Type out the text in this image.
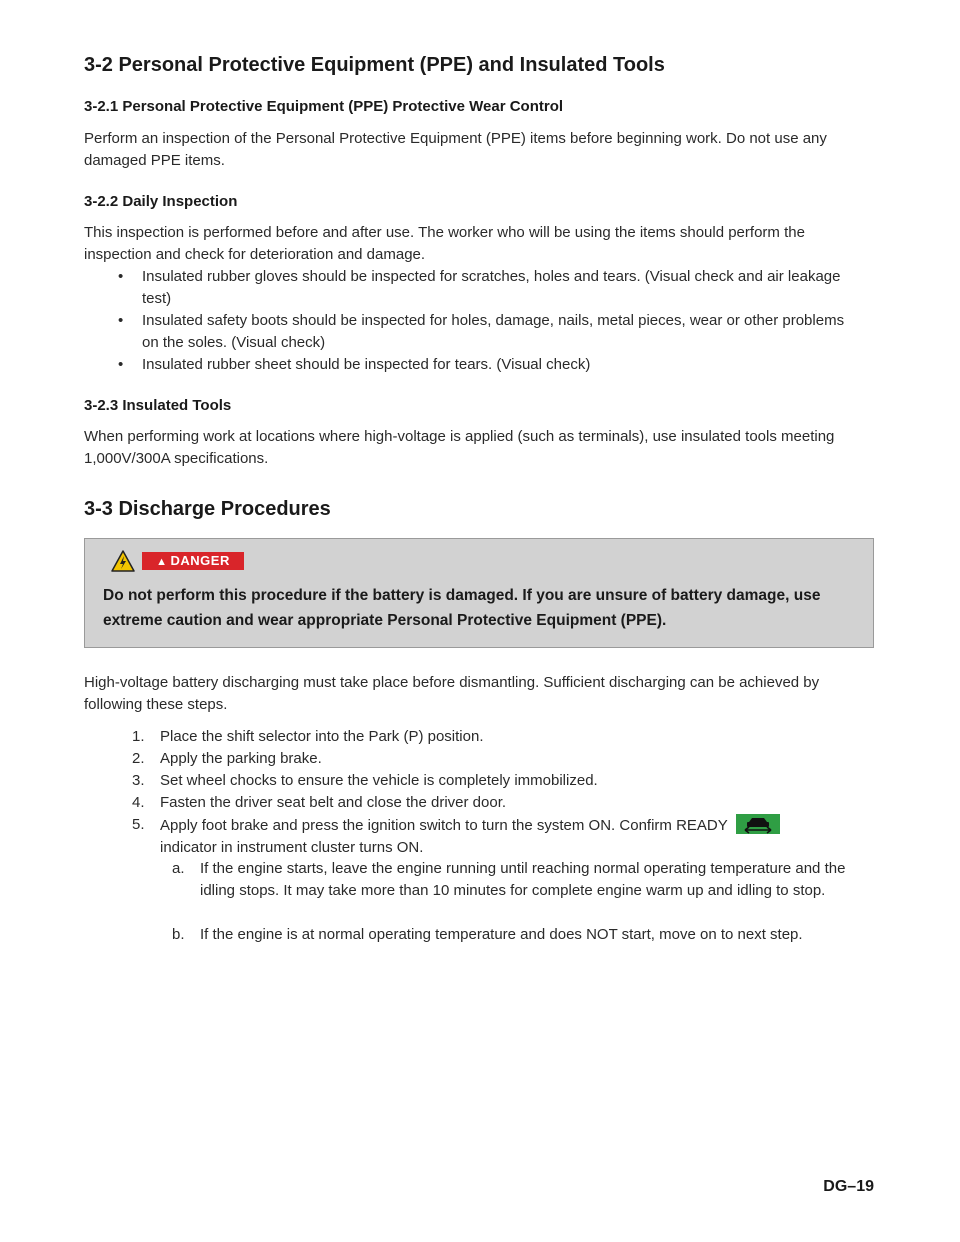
3-2 Personal Protective Equipment (PPE) and Insulated Tools
3-2.1 Personal Protective Equipment (PPE) Protective Wear Control
Perform an inspection of the Personal Protective Equipment (PPE) items before beginning work. Do not use any damaged PPE items.
3-2.2 Daily Inspection
This inspection is performed before and after use. The worker who will be using the items should perform the inspection and check for deterioration and damage.
•	Insulated rubber gloves should be inspected for scratches, holes and tears. (Visual check and air leakage test)
•	Insulated safety boots should be inspected for holes, damage, nails, metal pieces, wear or other problems on the soles. (Visual check)
•	Insulated rubber sheet should be inspected for tears. (Visual check)
3-2.3 Insulated Tools
When performing work at locations where high-voltage is applied (such as terminals), use insulated tools meeting 1,000V/300A specifications.
3-3 Discharge Procedures
▲ DANGER
Do not perform this procedure if the battery is damaged. If you are unsure of battery damage, use extreme caution and wear appropriate Personal Protective Equipment (PPE).
High-voltage battery discharging must take place before dismantling. Sufficient discharging can be achieved by following these steps.
1.	Place the shift selector into the Park (P) position.
2.	Apply the parking brake.
3.	Set wheel chocks to ensure the vehicle is completely immobilized.
4.	Fasten the driver seat belt and close the driver door.
5.	Apply foot brake and press the ignition switch to turn the system ON. Confirm READY
indicator in instrument cluster turns ON.
a.	If the engine starts, leave the engine running until reaching normal operating temperature and the idling stops. It may take more than 10 minutes for complete engine warm up and idling to stop.
b.	If the engine is at normal operating temperature and does NOT start, move on to next step.
DG–19
